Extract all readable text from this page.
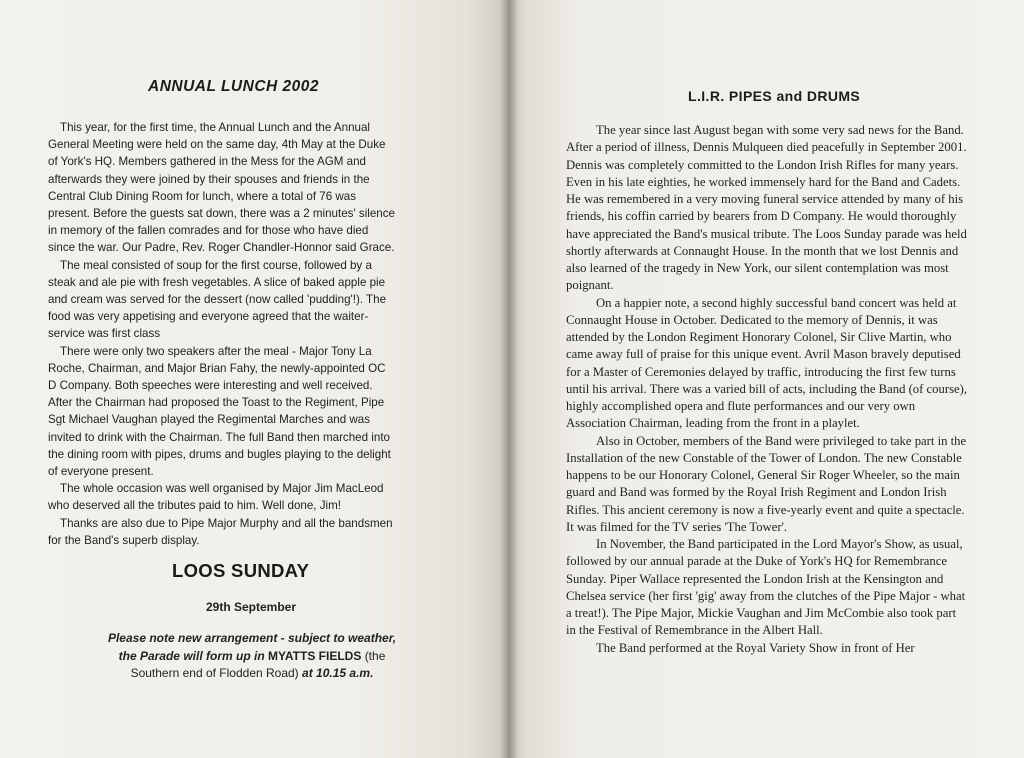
ANNUAL LUNCH 2002

This year, for the first time, the Annual Lunch and the Annual General Meeting were held on the same day, 4th May at the Duke of York's HQ. Members gathered in the Mess for the AGM and afterwards they were joined by their spouses and friends in the Central Club Dining Room for lunch, where a total of 76 was present. Before the guests sat down, there was a 2 minutes' silence in memory of the fallen comrades and for those who have died since the war. Our Padre, Rev. Roger Chandler-Honnor said Grace.

The meal consisted of soup for the first course, followed by a steak and ale pie with fresh vegetables. A slice of baked apple pie and cream was served for the dessert (now called 'pudding'!). The food was very appetising and everyone agreed that the waiter-service was first class

There were only two speakers after the meal - Major Tony La Roche, Chairman, and Major Brian Fahy, the newly-appointed OC D Company. Both speeches were interesting and well received. After the Chairman had proposed the Toast to the Regiment, Pipe Sgt Michael Vaughan played the Regimental Marches and was invited to drink with the Chairman. The full Band then marched into the dining room with pipes, drums and bugles playing to the delight of everyone present.

The whole occasion was well organised by Major Jim MacLeod who deserved all the tributes paid to him. Well done, Jim!

Thanks are also due to Pipe Major Murphy and all the bandsmen for the Band's superb display.

LOOS SUNDAY
29th September
Please note new arrangement - subject to weather,
the Parade will form up in MYATTS FIELDS (the
Southern end of Flodden Road) at 10.15 a.m.
L.I.R. PIPES and DRUMS

The year since last August began with some very sad news for the Band. After a period of illness, Dennis Mulqueen died peacefully in September 2001. Dennis was completely committed to the London Irish Rifles for many years. Even in his late eighties, he worked immensely hard for the Band and Cadets. He was remembered in a very moving funeral service attended by many of his friends, his coffin carried by bearers from D Company. He would thoroughly have appreciated the Band's musical tribute. The Loos Sunday parade was held shortly afterwards at Connaught House. In the month that we lost Dennis and also learned of the tragedy in New York, our silent contemplation was most poignant.

On a happier note, a second highly successful band concert was held at Connaught House in October. Dedicated to the memory of Dennis, it was attended by the London Regiment Honorary Colonel, Sir Clive Martin, who came away full of praise for this unique event. Avril Mason bravely deputised for a Master of Ceremonies delayed by traffic, introducing the first few turns until his arrival. There was a varied bill of acts, including the Band (of course), highly accomplished opera and flute performances and our very own Association Chairman, leading from the front in a playlet.

Also in October, members of the Band were privileged to take part in the Installation of the new Constable of the Tower of London. The new Constable happens to be our Honorary Colonel, General Sir Roger Wheeler, so the main guard and Band was formed by the Royal Irish Regiment and London Irish Rifles. This ancient ceremony is now a five-yearly event and quite a spectacle. It was filmed for the TV series 'The Tower'.

In November, the Band participated in the Lord Mayor's Show, as usual, followed by our annual parade at the Duke of York's HQ for Remembrance Sunday. Piper Wallace represented the London Irish at the Kensington and Chelsea service (her first 'gig' away from the clutches of the Pipe Major - what a treat!). The Pipe Major, Mickie Vaughan and Jim McCombie also took part in the Festival of Remembrance in the Albert Hall.

The Band performed at the Royal Variety Show in front of Her
